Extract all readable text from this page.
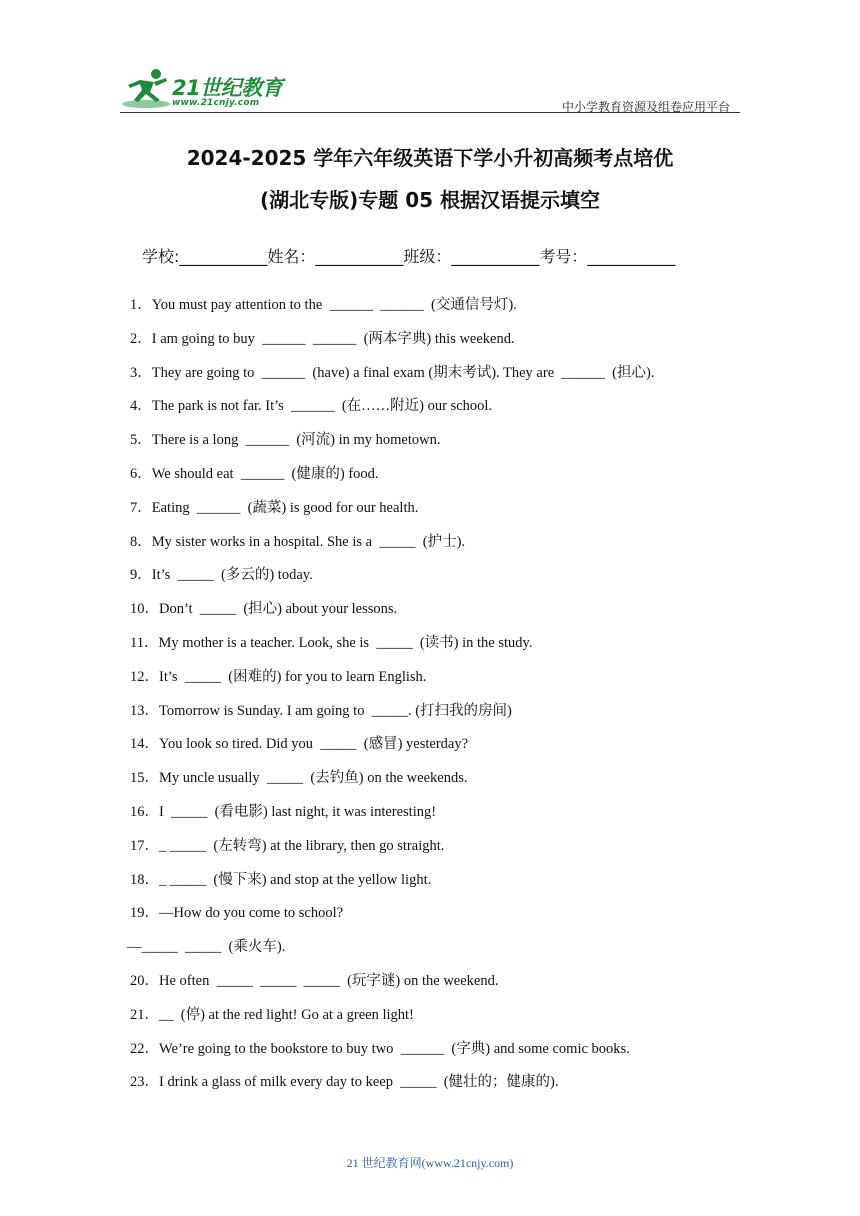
21世纪教育
www.21cnjy.com	中小学教育资源及组卷应用平台
2024-2025 学年六年级英语下学小升初高频考点培优
(湖北专版)专题 05 根据汉语提示填空
学校:___________姓名：___________班级：___________考号：___________
1．You must pay attention to the  ______  ______  (交通信号灯).
2．I am going to buy  ______  ______  (两本字典) this weekend.
3．They are going to  ______  (have) a final exam (期末考试). They are  ______  (担心).
4．The park is not far. It’s  ______  (在……附近) our school.
5．There is a long  ______  (河流) in my hometown.
6．We should eat  ______  (健康的) food.
7．Eating  ______  (蔬菜) is good for our health.
8．My sister works in a hospital. She is a  _____  (护士).
9．It’s  _____  (多云的) today.
10．Don’t  _____  (担心) about your lessons.
11．My mother is a teacher. Look, she is  _____  (读书) in the study.
12．It’s  _____  (困难的) for you to learn English.
13．Tomorrow is Sunday. I am going to  _____. (打扫我的房间)
14．You look so tired. Did you  _____  (感冒) yesterday?
15．My uncle usually  _____  (去钓鱼) on the weekends.
16．I  _____  (看电影) last night, it was interesting!
17．_ _____  (左转弯) at the library, then go straight.
18．_ _____  (慢下来) and stop at the yellow light.
19．—How do you come to school?
—_____  _____  (乘火车).
20．He often  _____  _____  _____  (玩字谜) on the weekend.
21．__  (停) at the red light! Go at a green light!
22．We’re going to the bookstore to buy two  ______  (字典) and some comic books.
23．I drink a glass of milk every day to keep  _____  (健壮的；健康的).
21 世纪教育网(www.21cnjy.com)
